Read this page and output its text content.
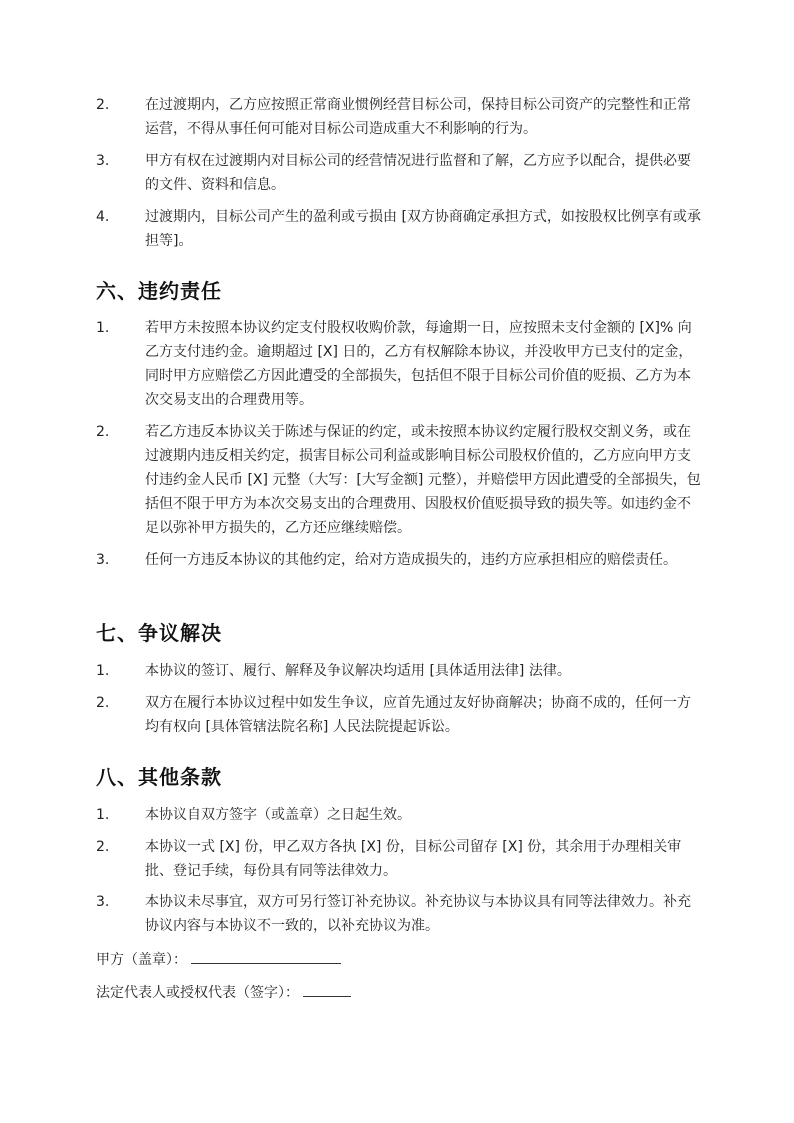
2.	在过渡期内，乙方应按照正常商业惯例经营目标公司，保持目标公司资产的完整性和正常运营，不得从事任何可能对目标公司造成重大不利影响的行为。
3.	甲方有权在过渡期内对目标公司的经营情况进行监督和了解，乙方应予以配合，提供必要的文件、资料和信息。
4.	过渡期内，目标公司产生的盈利或亏损由 [双方协商确定承担方式，如按股权比例享有或承担等]。
六、违约责任
1.	若甲方未按照本协议约定支付股权收购价款，每逾期一日，应按照未支付金额的 [X]% 向乙方支付违约金。逾期超过 [X] 日的，乙方有权解除本协议，并没收甲方已支付的定金，同时甲方应赔偿乙方因此遭受的全部损失，包括但不限于目标公司价值的贬损、乙方为本次交易支出的合理费用等。
2.	若乙方违反本协议关于陈述与保证的约定，或未按照本协议约定履行股权交割义务，或在过渡期内违反相关约定，损害目标公司利益或影响目标公司股权价值的，乙方应向甲方支付违约金人民币 [X] 元整（大写：[大写金额] 元整），并赔偿甲方因此遭受的全部损失，包括但不限于甲方为本次交易支出的合理费用、因股权价值贬损导致的损失等。如违约金不足以弥补甲方损失的，乙方还应继续赔偿。
3.	任何一方违反本协议的其他约定，给对方造成损失的，违约方应承担相应的赔偿责任。
七、争议解决
1.	本协议的签订、履行、解释及争议解决均适用 [具体适用法律] 法律。
2.	双方在履行本协议过程中如发生争议，应首先通过友好协商解决；协商不成的，任何一方均有权向 [具体管辖法院名称] 人民法院提起诉讼。
八、其他条款
1.	本协议自双方签字（或盖章）之日起生效。
2.	本协议一式 [X] 份，甲乙双方各执 [X] 份，目标公司留存 [X] 份，其余用于办理相关审批、登记手续，每份具有同等法律效力。
3.	本协议未尽事宜，双方可另行签订补充协议。补充协议与本协议具有同等法律效力。补充协议内容与本协议不一致的，以补充协议为准。
甲方（盖章）：
法定代表人或授权代表（签字）：
